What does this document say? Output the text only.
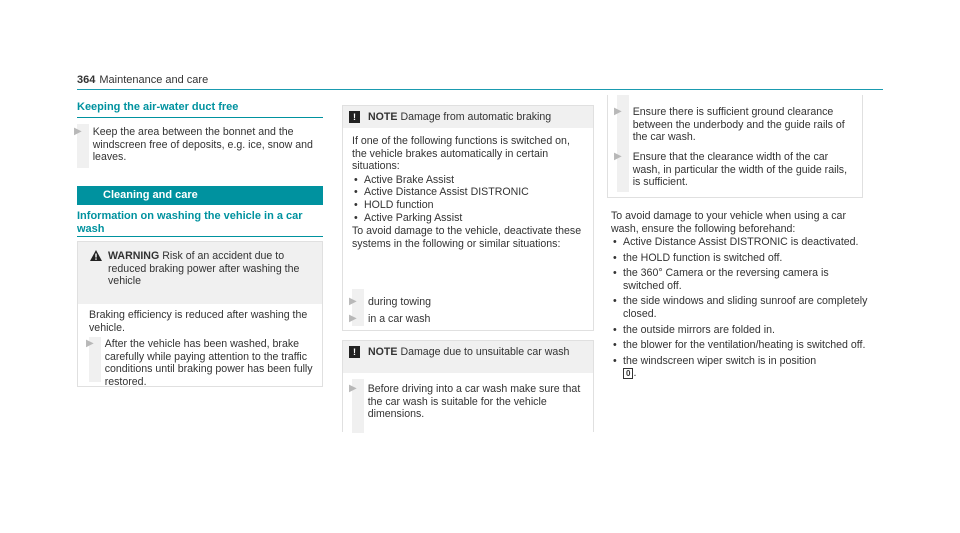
364 Maintenance and care
Keeping the air-water duct free
▶ Keep the area between the bonnet and the windscreen free of deposits, e.g. ice, snow and leaves.
Cleaning and care
Information on washing the vehicle in a car wash
WARNING Risk of an accident due to reduced braking power after washing the vehicle
Braking efficiency is reduced after washing the vehicle.
▶ After the vehicle has been washed, brake carefully while paying attention to the traffic conditions until braking power has been fully restored.
!	NOTE Damage from automatic braking
If one of the following functions is switched on, the vehicle brakes automatically in certain situations:
• Active Brake Assist
• Active Distance Assist DISTRONIC
• HOLD function
• Active Parking Assist
To avoid damage to the vehicle, deactivate these systems in the following or similar situations:
▶ during towing
▶ in a car wash
!	NOTE Damage due to unsuitable car wash
▶ Before driving into a car wash make sure that the car wash is suitable for the vehicle dimensions.
▶ Ensure there is sufficient ground clearance between the underbody and the guide rails of the car wash.
▶ Ensure that the clearance width of the car wash, in particular the width of the guide rails, is sufficient.
To avoid damage to your vehicle when using a car wash, ensure the following beforehand:
• Active Distance Assist DISTRONIC is deactivated.
• the HOLD function is switched off.
• the 360° Camera or the reversing camera is switched off.
• the side windows and sliding sunroof are completely closed.
• the outside mirrors are folded in.
• the blower for the ventilation/heating is switched off.
• the windscreen wiper switch is in position
0 .
